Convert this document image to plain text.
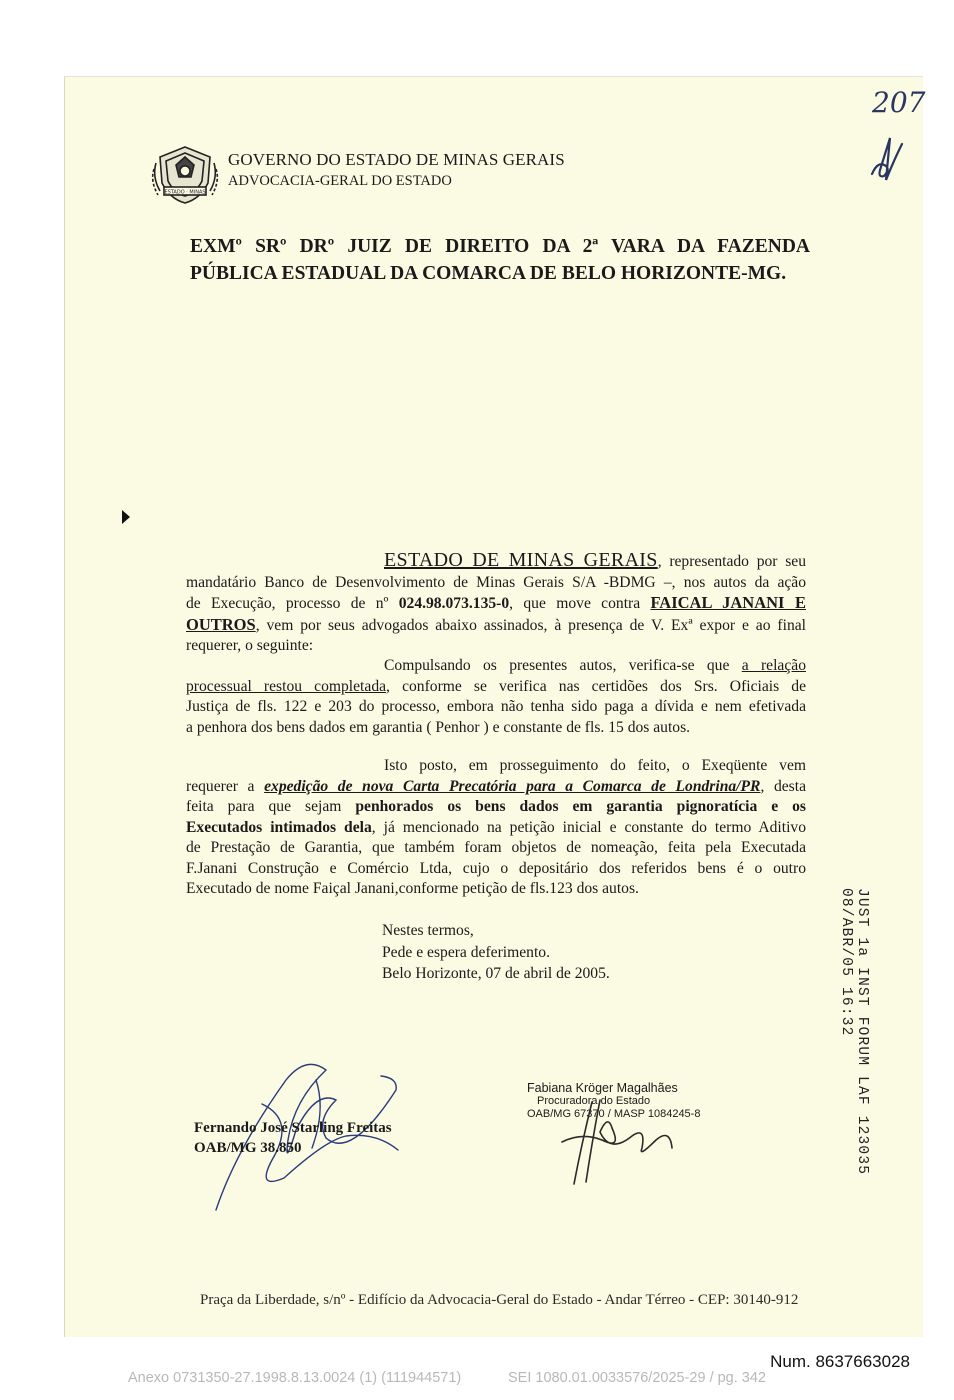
ESTADO · MINAS
GOVERNO DO ESTADO DE MINAS GERAIS
ADVOCACIA-GERAL DO ESTADO
207
EXMº SRº DRº JUIZ DE DIREITO DA 2ª VARA DA FAZENDA
PÚBLICA ESTADUAL DA COMARCA DE BELO HORIZONTE-MG.
ESTADO DE MINAS GERAIS, representado por seu
mandatário Banco de Desenvolvimento de Minas Gerais S/A -BDMG –, nos autos da ação
de Execução, processo de nº 024.98.073.135-0, que move contra FAICAL JANANI E
OUTROS, vem por seus advogados abaixo assinados, à presença de V. Exª expor e ao final
requerer, o seguinte:
Compulsando os presentes autos, verifica-se que a relação
processual restou completada, conforme se verifica nas certidões dos Srs. Oficiais de
Justiça de fls. 122 e 203 do processo, embora não tenha sido paga a dívida e nem efetivada
a penhora dos bens dados em garantia ( Penhor ) e constante de fls. 15 dos autos.
Isto posto, em prosseguimento do feito, o Exeqüente vem
requerer a expedição de nova Carta Precatória para a Comarca de Londrina/PR, desta
feita para que sejam penhorados os bens dados em garantia pignoratícia e os
Executados intimados dela, já mencionado na petição inicial e constante do termo Aditivo
de Prestação de Garantia, que também foram objetos de nomeação, feita pela Executada
F.Janani Construção e Comércio Ltda, cujo o depositário dos referidos bens é o outro
Executado de nome Faiçal Janani,conforme petição de fls.123 dos autos.
Nestes termos,
Pede e espera deferimento.
Belo Horizonte, 07 de abril de 2005.
Fernando José Starling Freitas
OAB/MG 38.850
Fabiana Kröger Magalhães
Procuradora do Estado
OAB/MG 67370 / MASP 1084245-8	JUST 1a INST FORUM LAF 123035 08/ABR/05 16:32
Praça da Liberdade, s/nº - Edifício da Advocacia-Geral do Estado - Andar Térreo - CEP: 30140-912
Num. 8637663028
Anexo 0731350-27.1998.8.13.0024 (1) (111944571)	SEI 1080.01.0033576/2025-29 / pg. 342
